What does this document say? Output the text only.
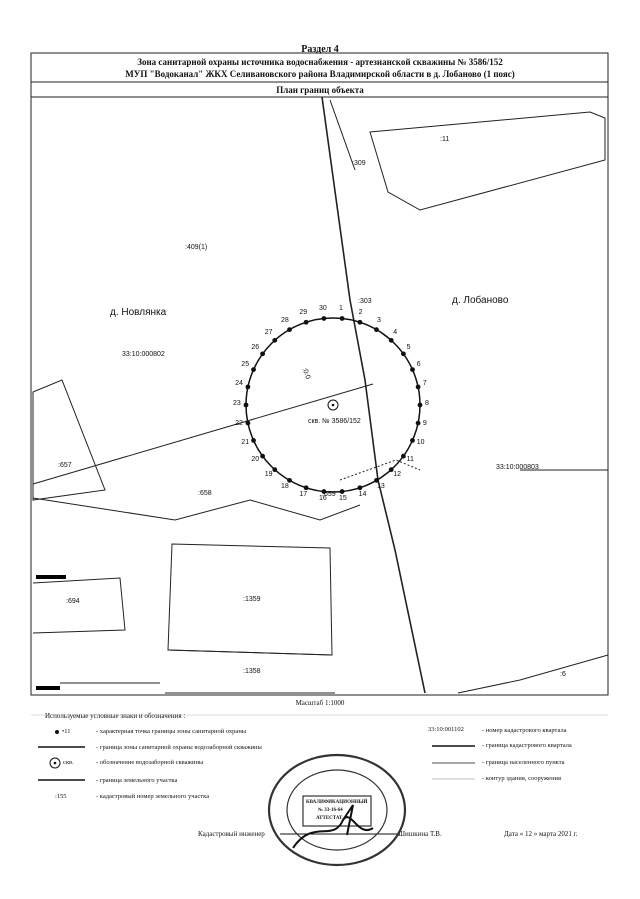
Раздел 4
Зона санитарной охраны источника водоснабжения - артезианской скважины № 3586/152
МУП "Водоканал" ЖКХ Селивановского района Владимирской области в д. Лобаново (1 пояс)
План границ объекта
:11
:309
:409(1)
:303
:657
:658
:694	:1359
:1358
:659
:6
:0:0
д. Новлянка
д. Лобаново
33:10:000802
33:10:000803
скв. № 3586/152
1
2
3
4
5
6
7
8
9
10
11
12
13
14
15
16
17
18
19
20
21
22
23
24
25
26
27
28
29
30
Масштаб 1:1000
Используемые условные знаки и обозначения :
•11	- характерная точка границы зоны санитарной охраны
- граница зоны санитарной охраны водозаборной скважины
скв.	- обозначение водозаборной скважины
- граница земельного участка
:155	- кадастровый номер земельного участка
33:10:001102	- номер кадастрового квартала
- граница кадастрового квартала
- граница населенного пункта
- контур здания, сооружения
Кадастровый инженер	Шишкина Т.В.	Дата « 12 » марта 2021 г.
КВАЛИФИКАЦИОННЫЙ
№ 33-16-64
АТТЕСТАТ
